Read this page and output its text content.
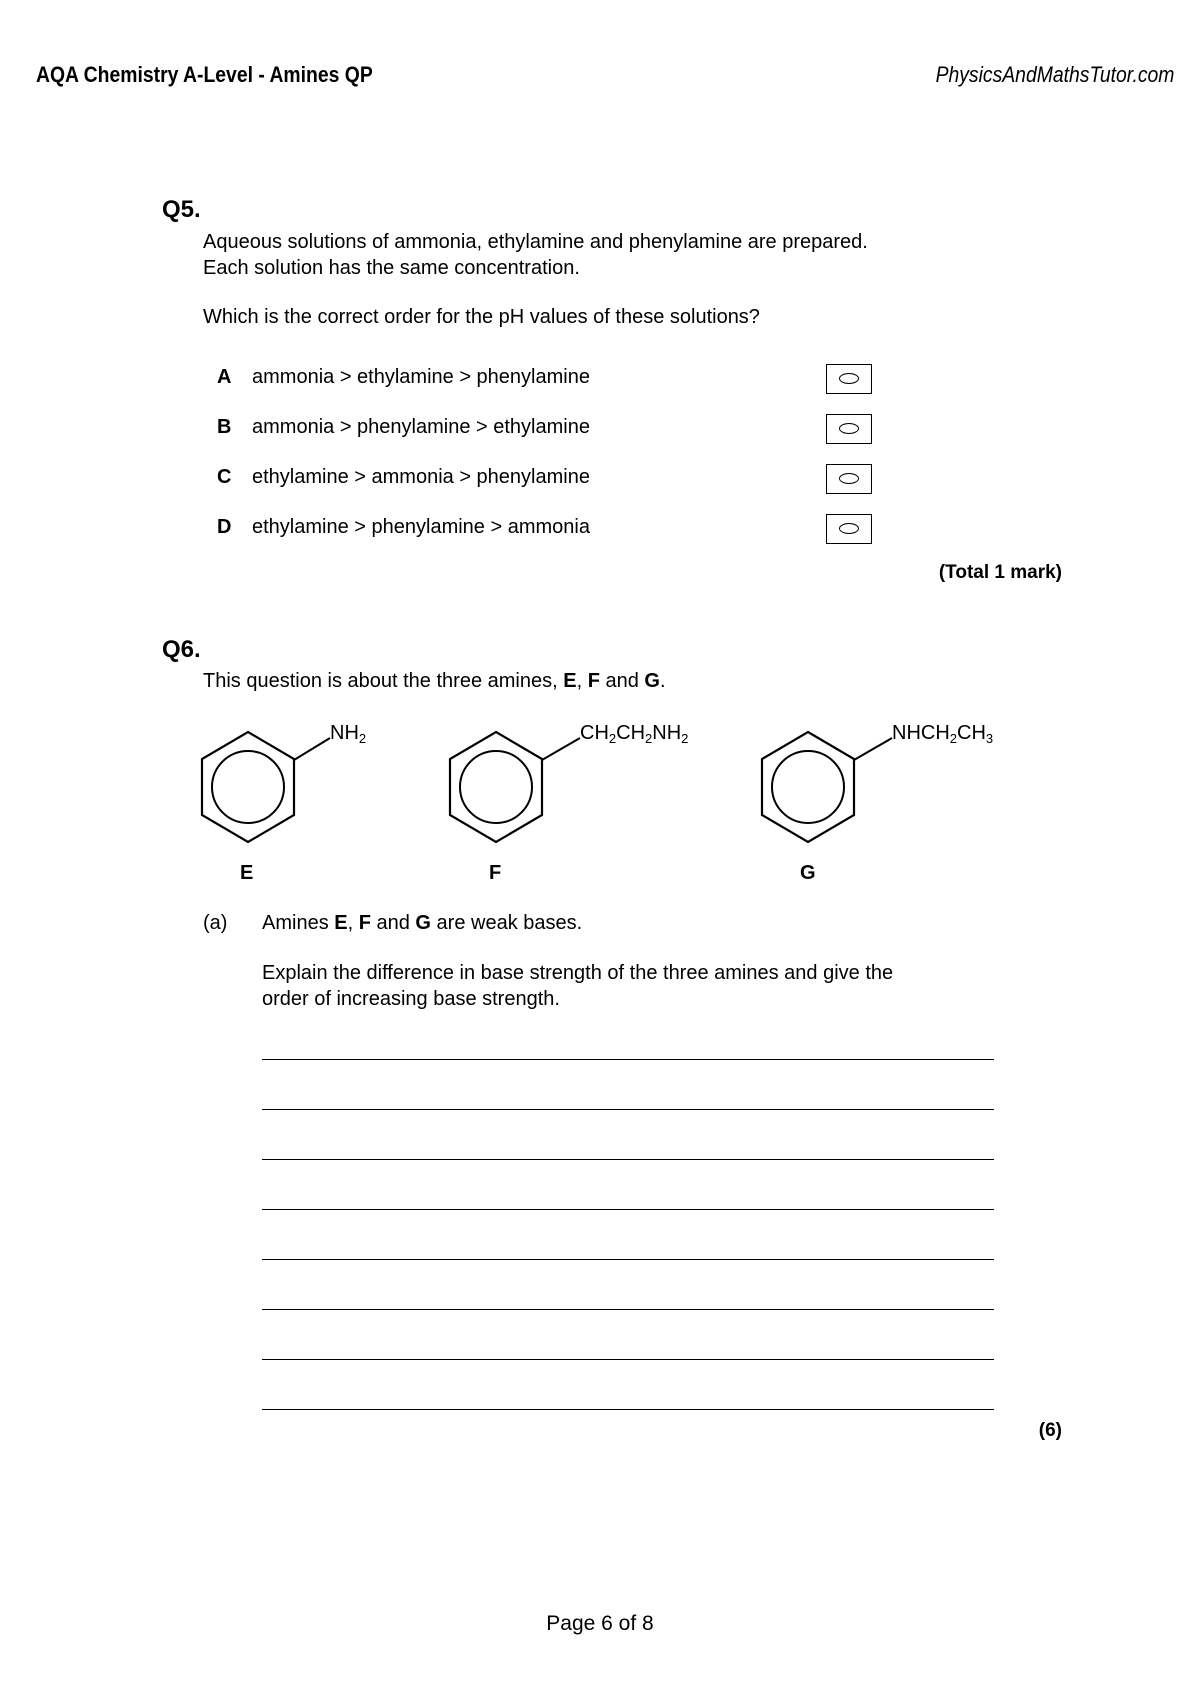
AQA Chemistry A-Level - Amines QP	PhysicsAndMathsTutor.com
Q5.
Aqueous solutions of ammonia, ethylamine and phenylamine are prepared.
Each solution has the same concentration.
Which is the correct order for the pH values of these solutions?
A ammonia > ethylamine > phenylamine
B ammonia > phenylamine > ethylamine
C ethylamine > ammonia > phenylamine
D ethylamine > phenylamine > ammonia
(Total 1 mark)
Q6.
This question is about the three amines, E, F and G.
$NH_2$
E
$CH_2CH_2NH_2$
F
$NHCH_2CH_3$
G
(a) Amines E, F and G are weak bases.
Explain the difference in base strength of the three amines and give the
order of increasing base strength.
(6)
Page 6 of 8
